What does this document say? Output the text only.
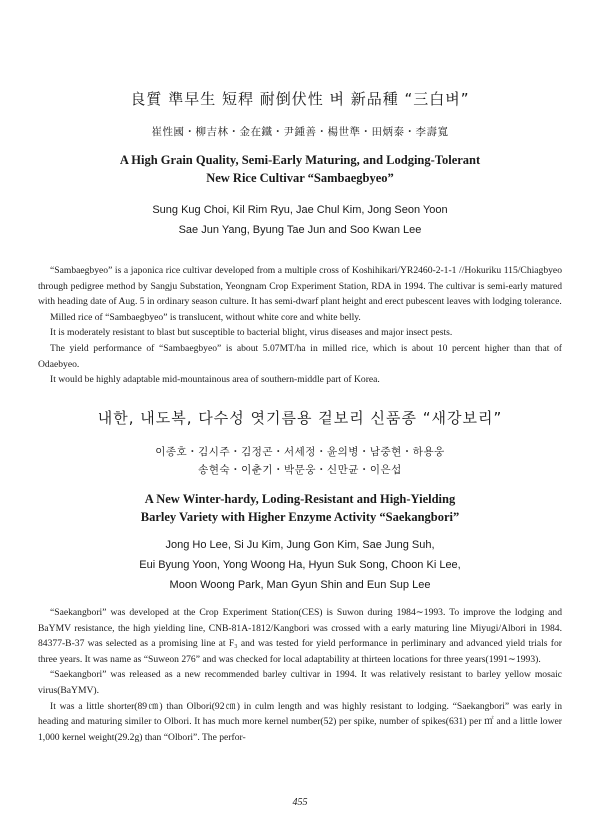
良質 準早生 短稈 耐倒伏性 벼 新品種 “三白벼”
崔性國・柳吉林・金在鐵・尹鍾善・楊世準・田炳泰・李壽寬
A High Grain Quality, Semi-Early Maturing, and Lodging-Tolerant
New Rice Cultivar “Sambaegbyeo”
Sung Kug Choi, Kil Rim Ryu, Jae Chul Kim, Jong Seon Yoon
Sae Jun Yang, Byung Tae Jun and Soo Kwan Lee

“Sambaegbyeo” is a japonica rice cultivar developed from a multiple cross of Koshihikari/YR2460-2-1-1 //Hokuriku 115/Chiagbyeo through pedigree method by Sangju Substation, Yeongnam Crop Experiment Station, RDA in 1994. The cultivar is semi-early matured with heading date of Aug. 5 in ordinary season culture. It has semi-dwarf plant height and erect pubescent leaves with lodging tolerance.

Milled rice of “Sambaegbyeo” is translucent, without white core and white belly.

It is moderately resistant to blast but susceptible to bacterial blight, virus diseases and major insect pests.

The yield performance of “Sambaegbyeo” is about 5.07MT/ha in milled rice, which is about 10 percent higher than that of Odaebyeo.

It would be highly adaptable mid-mountainous area of southern-middle part of Korea.

내한, 내도복, 다수성 엿기름용 겉보리 신품종 “새강보리”
이종호・김시주・김정곤・서세정・윤의병・남중현・하용웅
송현숙・이춘기・박문웅・신만균・이은섭
A New Winter-hardy, Loding-Resistant and High-Yielding
Barley Variety with Higher Enzyme Activity “Saekangbori”
Jong Ho Lee, Si Ju Kim, Jung Gon Kim, Sae Jung Suh,
Eui Byung Yoon, Yong Woong Ha, Hyun Suk Song, Choon Ki Lee,
Moon Woong Park, Man Gyun Shin and Eun Sup Lee

“Saekangbori” was developed at the Crop Experiment Station(CES) is Suwon during 1984∼1993. To improve the lodging and BaYMV resistance, the high yielding line, CNB-81A-1812/Kangbori was crossed with a early maturing line Miyugi/Albori in 1984. 84377-B-37 was selected as a promising line at F₃ and was tested for yield performance in perliminary and advanced yield trials for three years. It was name as “Suweon 276” and was checked for local adaptability at thirteen locations for three years(1991∼1993).

“Saekangbori” was released as a new recommended barley cultivar in 1994. It was relatively resistant to barley yellow mosaic virus(BaYMV).

It was a little shorter(89㎝) than Olbori(92㎝) in culm length and was highly resistant to lodging. “Saekangbori” was early in heading and maturing similer to Olbori. It has much more kernel number(52) per spike, number of spikes(631) per ㎡ and a little lower 1,000 kernel weight(29.2g) than “Olbori”. The perfor-

455
